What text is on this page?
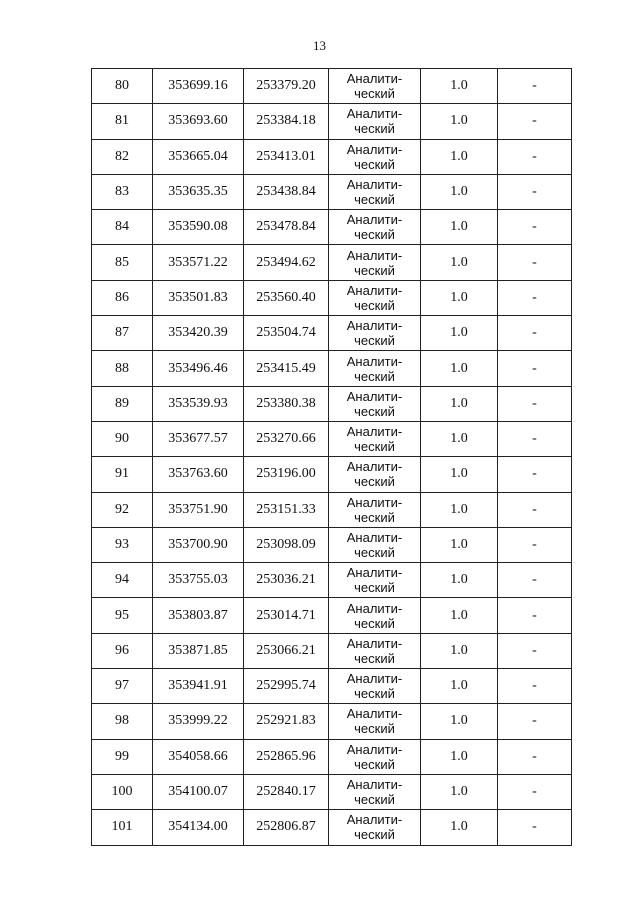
13
80	353699.16	253379.20	Аналити-
ческий	1.0	-
81	353693.60	253384.18	Аналити-
ческий	1.0	-
82	353665.04	253413.01	Аналити-
ческий	1.0	-
83	353635.35	253438.84	Аналити-
ческий	1.0	-
84	353590.08	253478.84	Аналити-
ческий	1.0	-
85	353571.22	253494.62	Аналити-
ческий	1.0	-
86	353501.83	253560.40	Аналити-
ческий	1.0	-
87	353420.39	253504.74	Аналити-
ческий	1.0	-
88	353496.46	253415.49	Аналити-
ческий	1.0	-
89	353539.93	253380.38	Аналити-
ческий	1.0	-
90	353677.57	253270.66	Аналити-
ческий	1.0	-
91	353763.60	253196.00	Аналити-
ческий	1.0	-
92	353751.90	253151.33	Аналити-
ческий	1.0	-
93	353700.90	253098.09	Аналити-
ческий	1.0	-
94	353755.03	253036.21	Аналити-
ческий	1.0	-
95	353803.87	253014.71	Аналити-
ческий	1.0	-
96	353871.85	253066.21	Аналити-
ческий	1.0	-
97	353941.91	252995.74	Аналити-
ческий	1.0	-
98	353999.22	252921.83	Аналити-
ческий	1.0	-
99	354058.66	252865.96	Аналити-
ческий	1.0	-
100	354100.07	252840.17	Аналити-
ческий	1.0	-
101	354134.00	252806.87	Аналити-
ческий	1.0	-
